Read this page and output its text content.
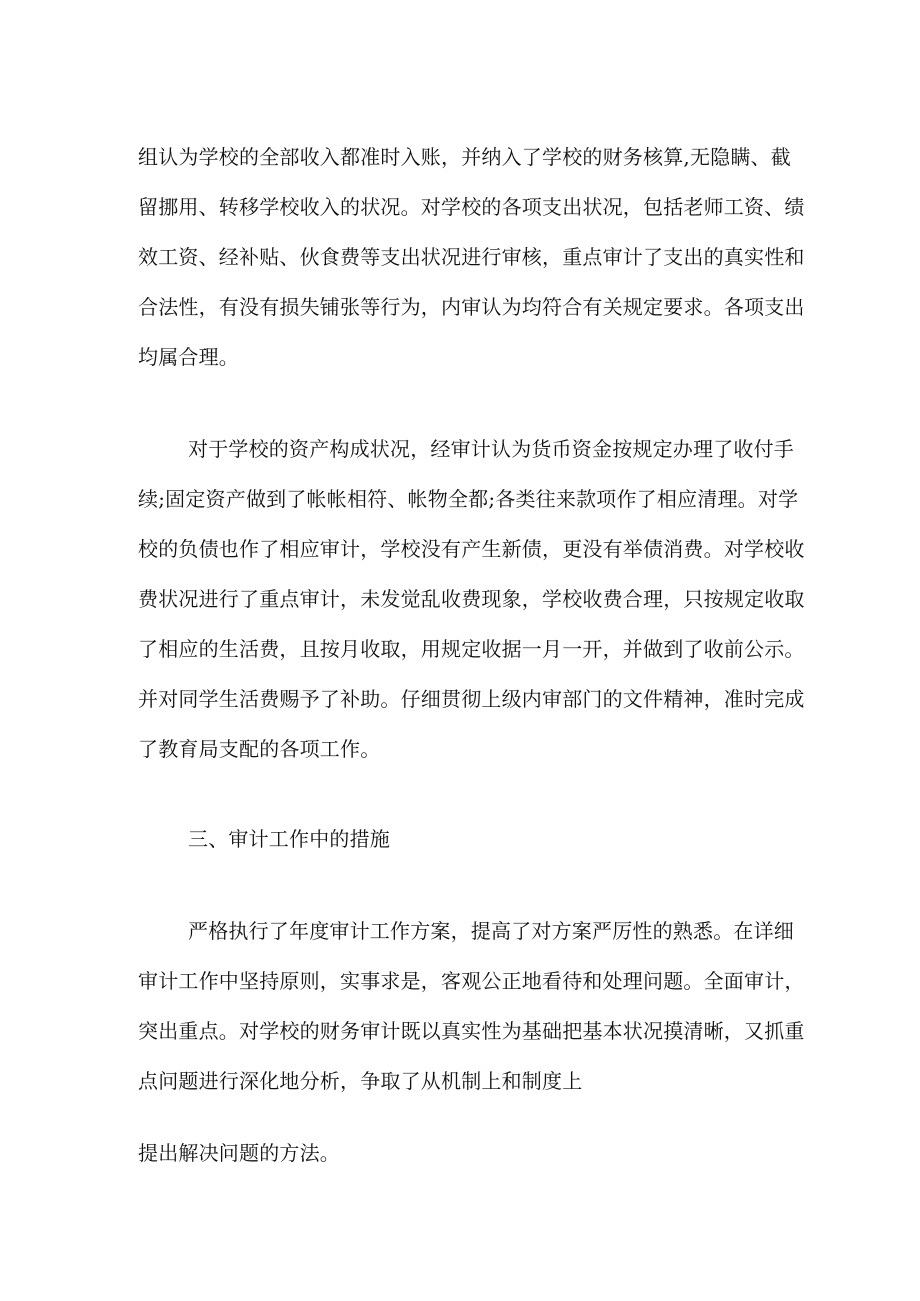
组认为学校的全部收入都准时入账，并纳入了学校的财务核算,无隐瞒、截
留挪用、转移学校收入的状况。对学校的各项支出状况，包括老师工资、绩
效工资、经补贴、伙食费等支出状况进行审核，重点审计了支出的真实性和
合法性，有没有损失铺张等行为，内审认为均符合有关规定要求。各项支出
均属合理。
对于学校的资产构成状况，经审计认为货币资金按规定办理了收付手
续;固定资产做到了帐帐相符、帐物全都;各类往来款项作了相应清理。对学
校的负债也作了相应审计，学校没有产生新债，更没有举债消费。对学校收
费状况进行了重点审计，未发觉乱收费现象，学校收费合理，只按规定收取
了相应的生活费，且按月收取，用规定收据一月一开，并做到了收前公示。
并对同学生活费赐予了补助。仔细贯彻上级内审部门的文件精神，准时完成
了教育局支配的各项工作。
三、审计工作中的措施
严格执行了年度审计工作方案，提高了对方案严厉性的熟悉。在详细
审计工作中坚持原则，实事求是，客观公正地看待和处理问题。全面审计，
突出重点。对学校的财务审计既以真实性为基础把基本状况摸清晰，又抓重
点问题进行深化地分析，争取了从机制上和制度上
提出解决问题的方法。
